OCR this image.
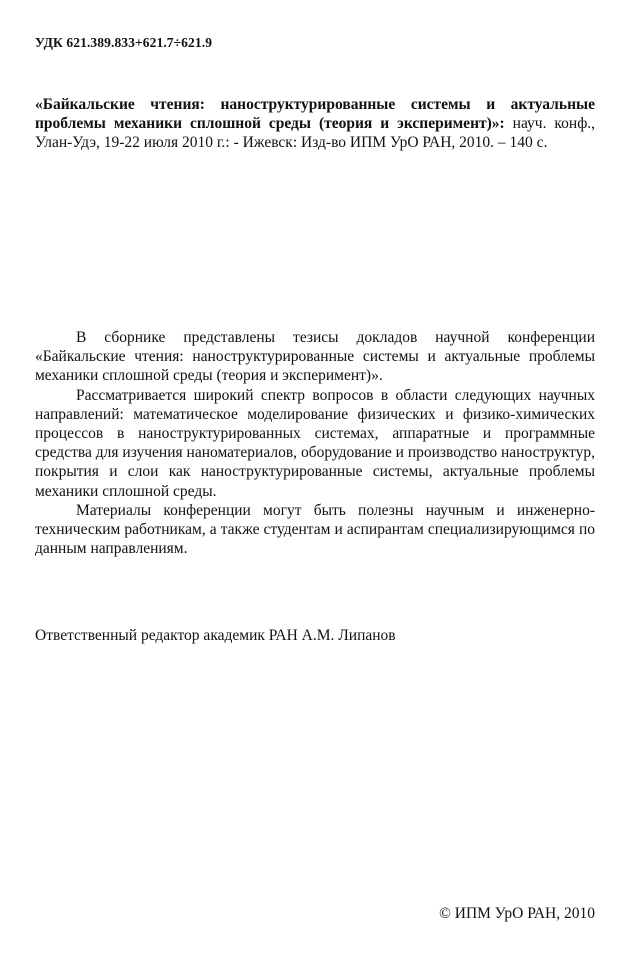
УДК 621.389.833+621.7÷621.9
«Байкальские чтения: наноструктурированные системы и актуальные проблемы механики сплошной среды (теория и эксперимент)»: науч. конф., Улан-Удэ, 19-22 июля 2010 г.: - Ижевск: Изд-во ИПМ УрО РАН, 2010. – 140 с.

В сборнике представлены тезисы докладов научной конференции «Байкальские чтения: наноструктурированные системы и актуальные проблемы механики сплошной среды (теория и эксперимент)».

Рассматривается широкий спектр вопросов в области следующих научных направлений: математическое моделирование физических и физико-химических процессов в наноструктурированных системах, аппаратные и программные средства для изучения наноматериалов, оборудование и производство наноструктур, покрытия и слои как наноструктурированные системы, актуальные проблемы механики сплошной среды.

Материалы конференции могут быть полезны научным и инженерно-техническим работникам, а также студентам и аспирантам специализирующимся по данным направлениям.

Ответственный редактор академик РАН А.М. Липанов
© ИПМ УрО РАН, 2010
